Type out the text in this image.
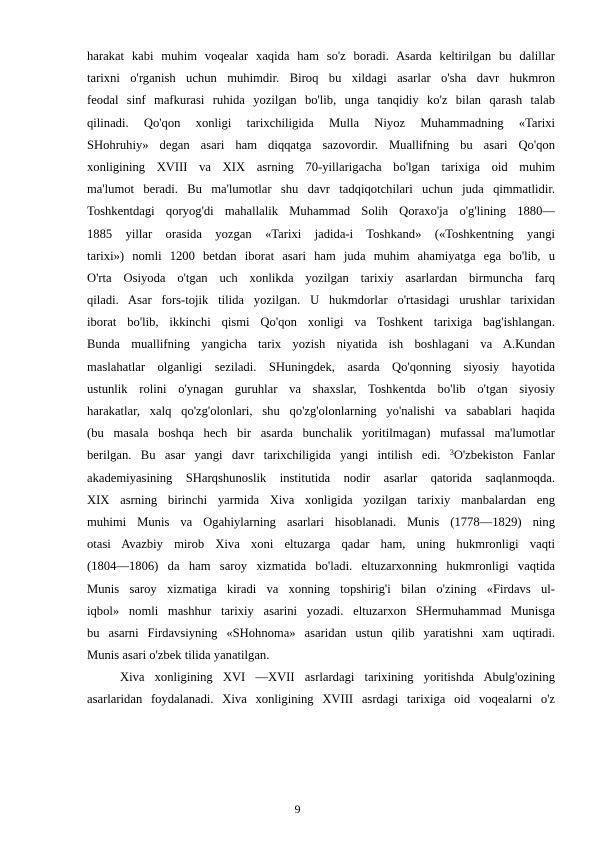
harakat kabi muhim voqealar xaqida ham so'z boradi. Asarda keltirilgan bu dalillar
tarixni o'rganish uchun muhimdir. Biroq bu xildagi asarlar o'sha davr hukmron
feodal sinf mafkurasi ruhida yozilgan bo'lib, unga tanqidiy ko'z bilan qarash talab
qilinadi. Qo'qon xonligi tarixchiligida Mulla Niyoz Muhammadning «Tarixi
SHohruhiy» degan asari ham diqqatga sazovordir. Muallifning bu asari Qo'qon
xonligining XVIII va XIX asrning 70-yillarigacha bo'lgan tarixiga oid muhim
ma'lumot beradi. Bu ma'lumotlar shu davr tadqiqotchilari uchun juda qimmatlidir.
Toshkentdagi qoryog'di mahallalik Muhammad Solih Qoraxo'ja o'g'lining 1880—
1885 yillar orasida yozgan «Tarixi jadida-i Toshkand» («Toshkentning yangi
tarixi») nomli 1200 betdan iborat asari ham juda muhim ahamiyatga ega bo'lib, u
O'rta Osiyoda o'tgan uch xonlikda yozilgan tarixiy asarlardan birmuncha farq
qiladi. Asar fors-tojik tilida yozilgan. U hukmdorlar o'rtasidagi urushlar tarixidan
iborat bo'lib, ikkinchi qismi Qo'qon xonligi va Toshkent tarixiga bag'ishlangan.
Bunda muallifning yangicha tarix yozish niyatida ish boshlagani va A.Kundan
maslahatlar olganligi seziladi. SHuningdek, asarda Qo'qonning siyosiy hayotida
ustunlik rolini o'ynagan guruhlar va shaxslar, Toshkentda bo'lib o'tgan siyosiy
harakatlar, xalq qo'zg'olonlari, shu qo'zg'olonlarning yo'nalishi va sabablari haqida
(bu masala boshqa hech bir asarda bunchalik yoritilmagan) mufassal ma'lumotlar
berilgan. Bu asar yangi davr tarixchiligida yangi intilish edi. $^3$O'zbekiston Fanlar
akademiyasining SHarqshunoslik institutida nodir asarlar qatorida saqlanmoqda.
XIX asrning birinchi yarmida Xiva xonligida yozilgan tarixiy manbalardan eng
muhimi Munis va Ogahiylarning asarlari hisoblanadi. Munis (1778—1829) ning
otasi Avazbiy mirob Xiva xoni eltuzarga qadar ham, uning hukmronligi vaqti
(1804—1806) da ham saroy xizmatida bo'ladi. eltuzarxonning hukmronligi vaqtida
Munis saroy xizmatiga kiradi va xonning topshirig'i bilan o'zining «Firdavs ul-
iqbol» nomli mashhur tarixiy asarini yozadi. eltuzarxon SHermuhammad Munisga
bu asarni Firdavsiyning «SHohnoma» asaridan ustun qilib yaratishni xam uqtiradi.
Munis asari o'zbek tilida yanatilgan.
Xiva xonligining XVI —XVII asrlardagi tarixining yoritishda Abulg'ozining
asarlaridan foydalanadi. Xiva xonligining XVIII asrdagi tarixiga oid voqealarni o'z
9
